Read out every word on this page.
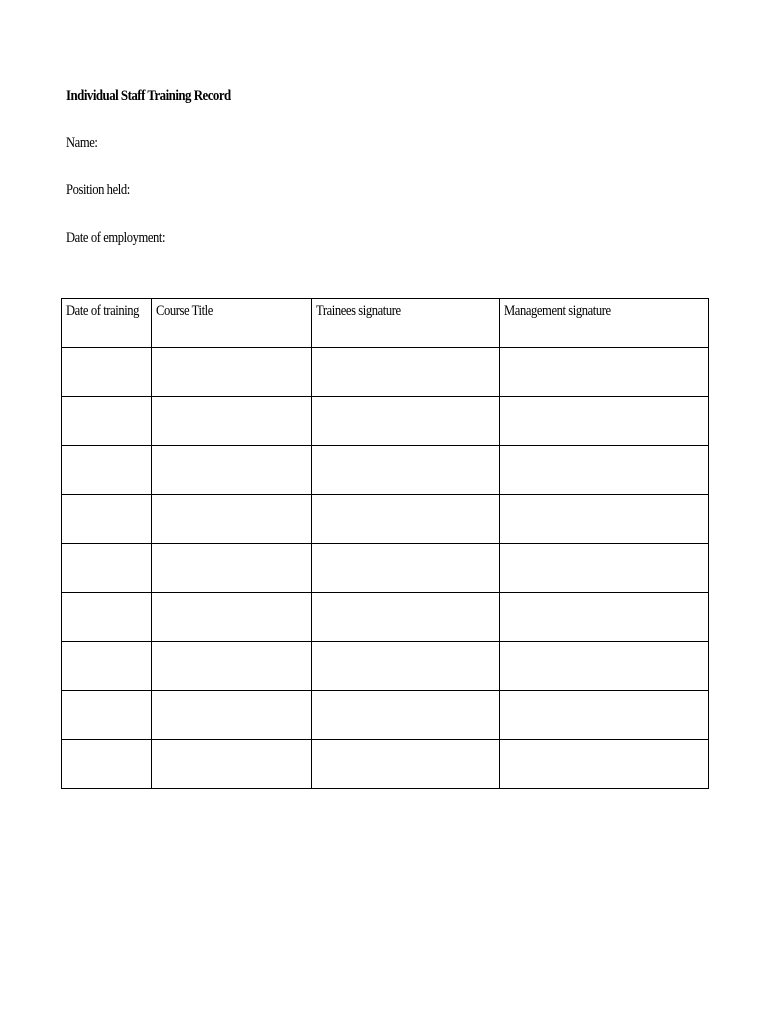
Individual Staff Training Record
Name:
Position held:
Date of employment:
Date of training	Course Title	Trainees signature	Management signature
